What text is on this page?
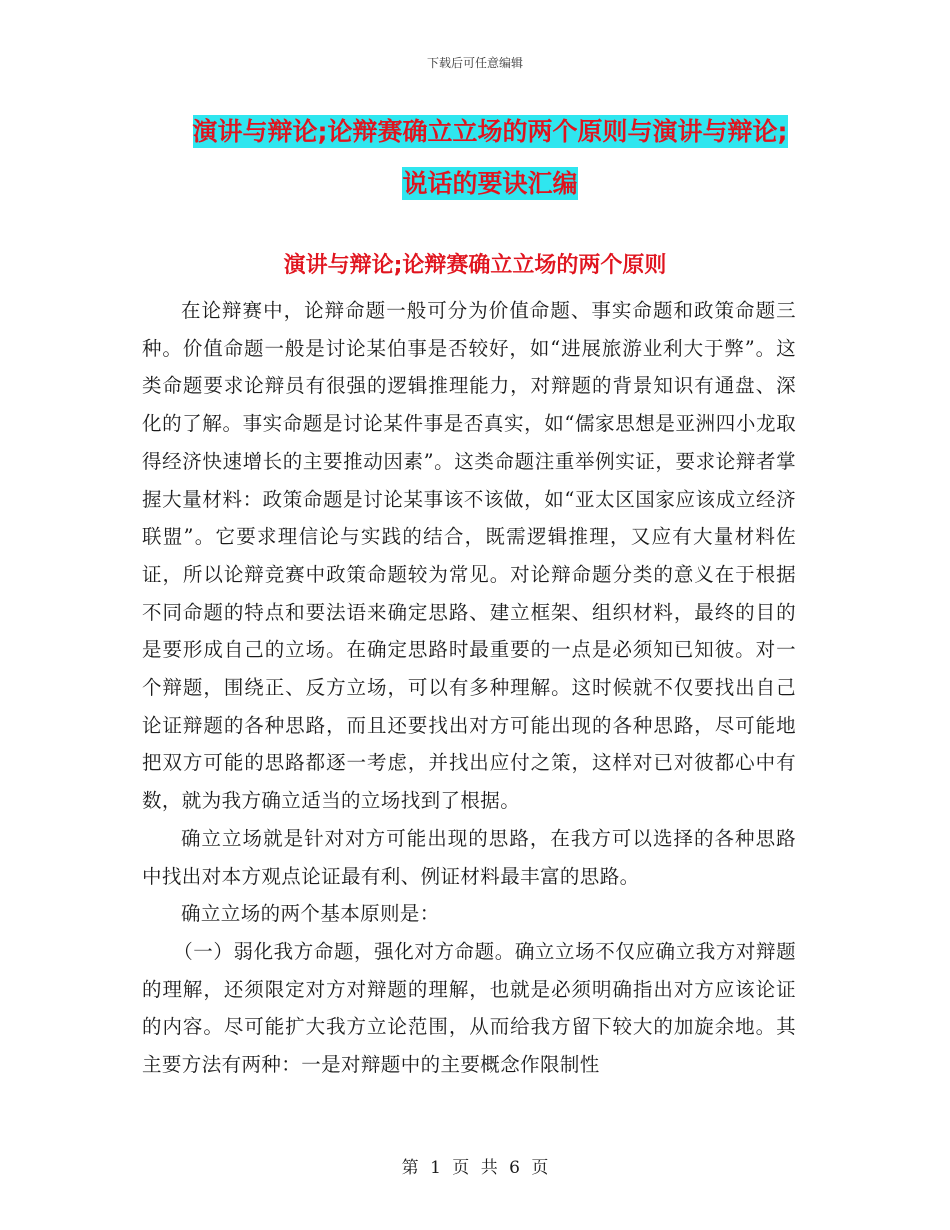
下载后可任意编辑
演讲与辩论;论辩赛确立立场的两个原则与演讲与辩论;
说话的要诀汇编
演讲与辩论;论辩赛确立立场的两个原则

在论辩赛中，论辩命题一般可分为价值命题、事实命题和政策命题三种。价值命题一般是讨论某伯事是否较好，如“进展旅游业利大于弊”。这类命题要求论辩员有很强的逻辑推理能力，对辩题的背景知识有通盘、深化的了解。事实命题是讨论某件事是否真实，如“儒家思想是亚洲四小龙取得经济快速增长的主要推动因素”。这类命题注重举例实证，要求论辩者掌握大量材料：政策命题是讨论某事该不该做，如“亚太区国家应该成立经济联盟”。它要求理信论与实践的结合，既需逻辑推理，又应有大量材料佐证，所以论辩竞赛中政策命题较为常见。对论辩命题分类的意义在于根据不同命题的特点和要法语来确定思路、建立框架、组织材料，最终的目的是要形成自己的立场。在确定思路时最重要的一点是必须知已知彼。对一个辩题，围绕正、反方立场，可以有多种理解。这时候就不仅要找出自己论证辩题的各种思路，而且还要找出对方可能出现的各种思路，尽可能地把双方可能的思路都逐一考虑，并找出应付之策，这样对已对彼都心中有数，就为我方确立适当的立场找到了根据。

确立立场就是针对对方可能出现的思路，在我方可以选择的各种思路中找出对本方观点论证最有利、例证材料最丰富的思路。

确立立场的两个基本原则是：

（一）弱化我方命题，强化对方命题。确立立场不仅应确立我方对辩题的理解，还须限定对方对辩题的理解，也就是必须明确指出对方应该论证的内容。尽可能扩大我方立论范围，从而给我方留下较大的加旋余地。其主要方法有两种：一是对辩题中的主要概念作限制性

第 1 页 共 6 页
